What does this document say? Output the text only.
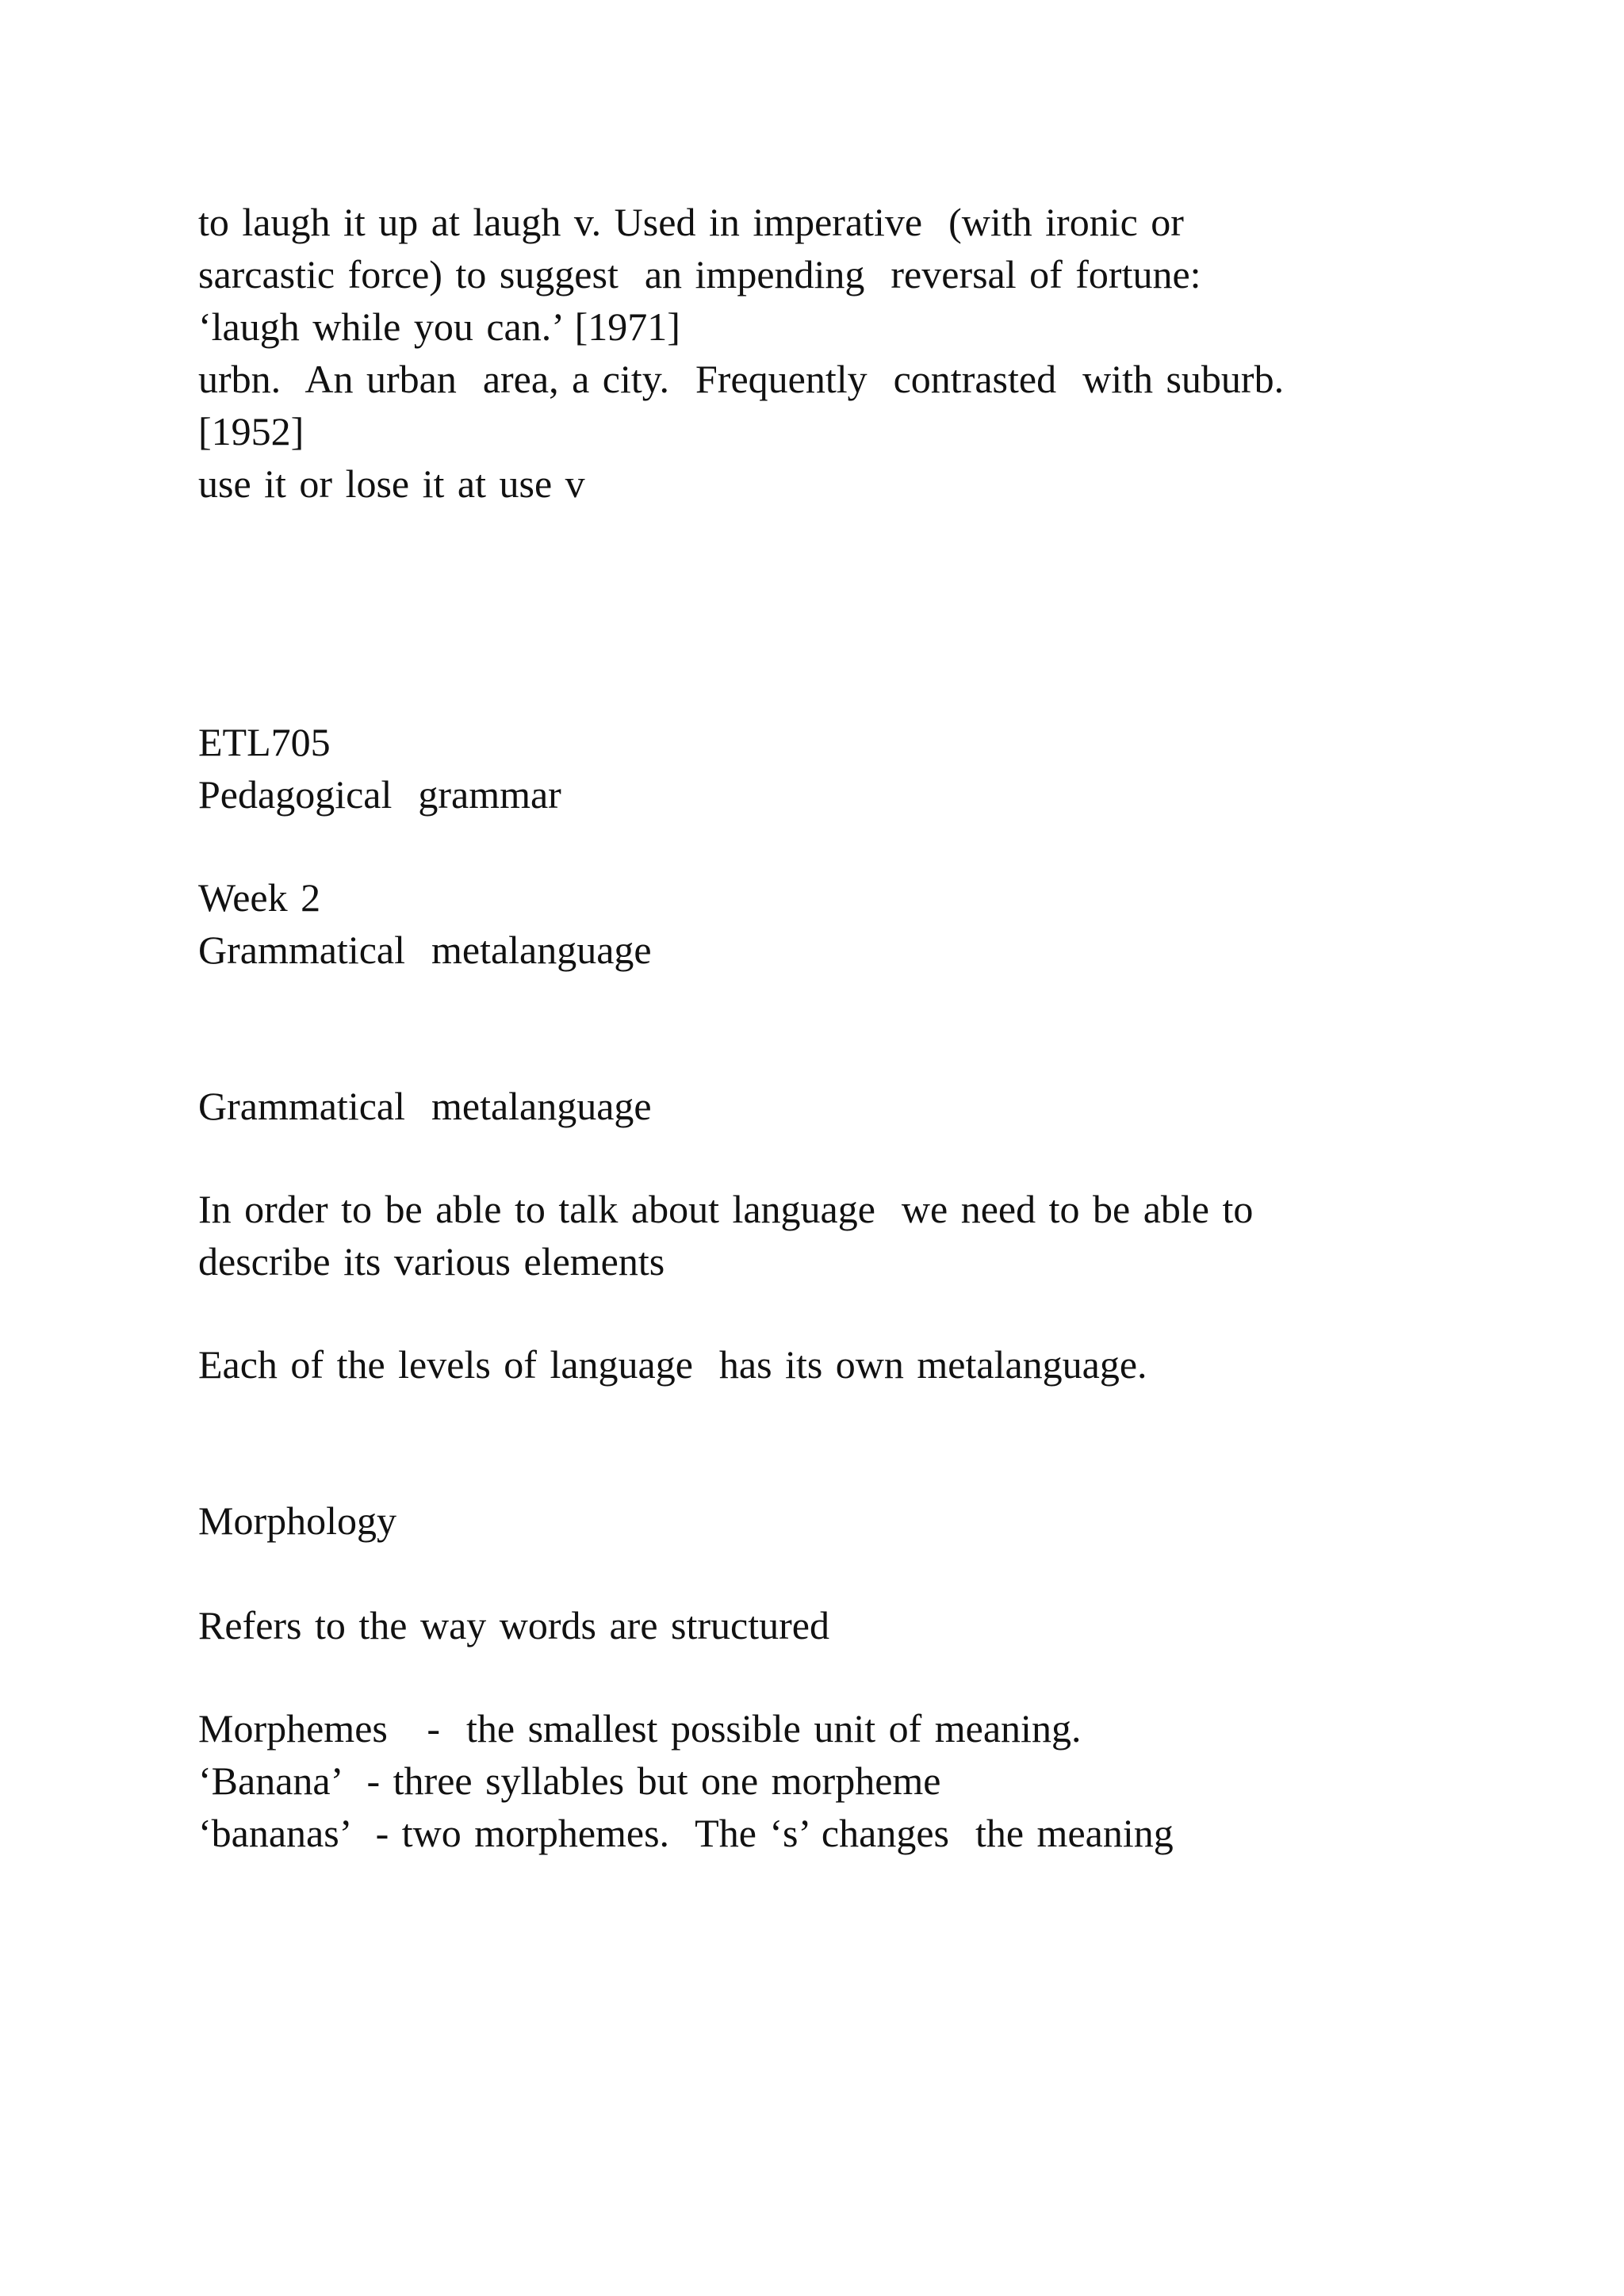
to laugh it up at laugh v. Used in imperative  (with ironic or
sarcastic force) to suggest  an impending  reversal of fortune:
‘laugh while you can.’ [1971]
urbn.  An urban  area, a city.  Frequently  contrasted  with suburb.
[1952]
use it or lose it at use v
ETL705
Pedagogical  grammar
Week 2
Grammatical  metalanguage
Grammatical  metalanguage
In order to be able to talk about language  we need to be able to
describe its various elements
Each of the levels of language  has its own metalanguage.
Morphology
Refers to the way words are structured
Morphemes   -  the smallest possible unit of meaning.
‘Banana’  - three syllables but one morpheme
‘bananas’  - two morphemes.  The ‘s’ changes  the meaning
